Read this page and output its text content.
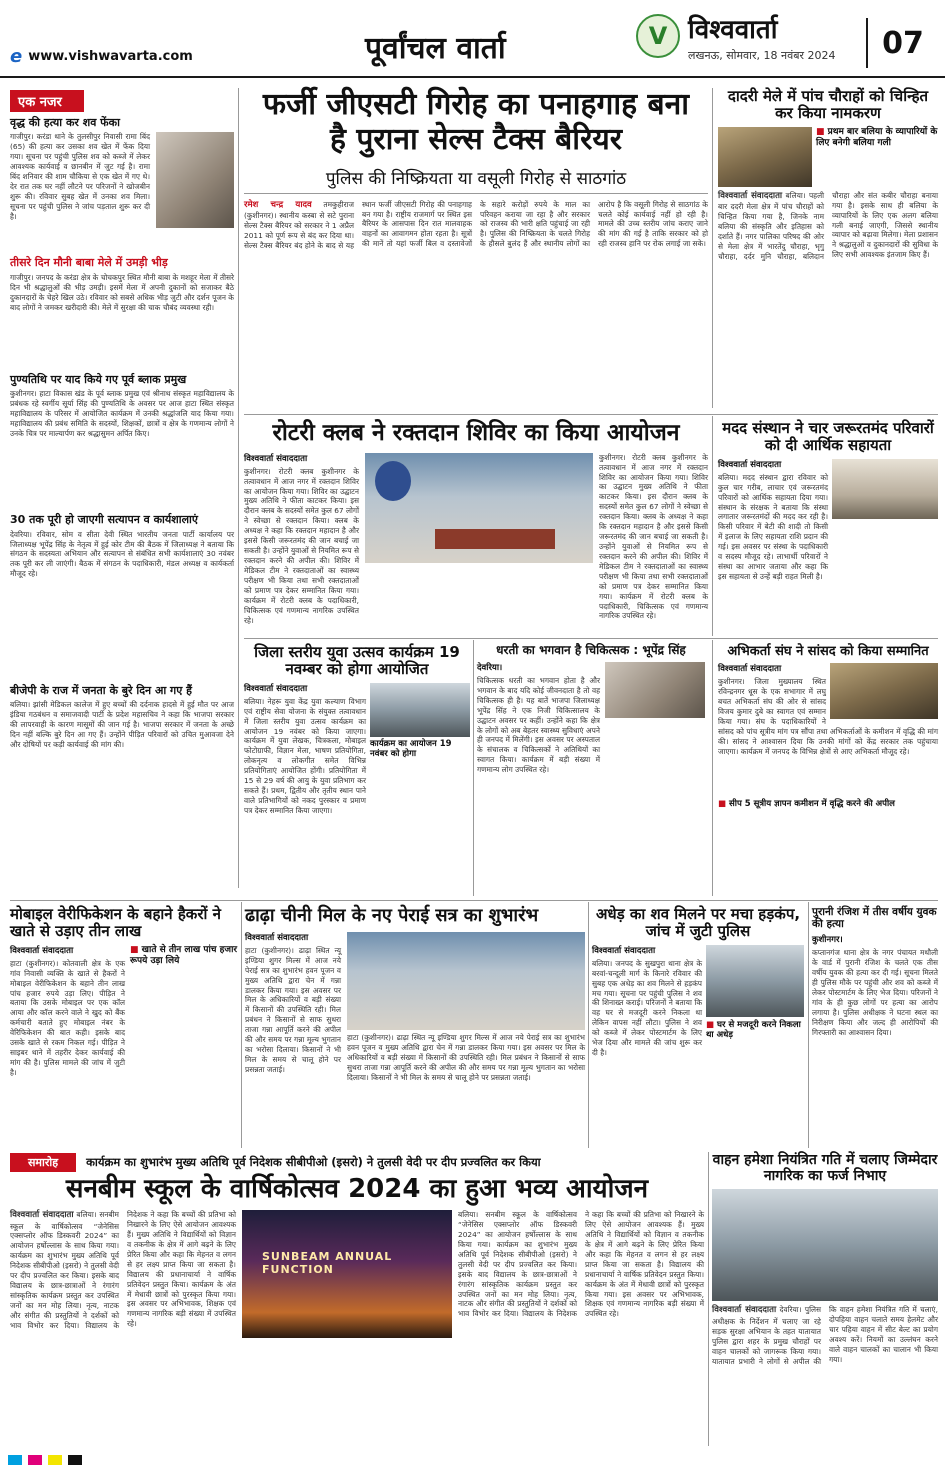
e www.vishwavarta.com	पूर्वांचल वार्ता	V विश्ववार्ता
लखनऊ, सोमवार, 18 नवंबर 2024	07
एक नजर
वृद्ध की हत्या कर शव फेंका
गाजीपुर। करंडा थाने के तुलसीपुर निवासी रामा बिंद (65) की हत्या कर उसका शव खेत में फेंक दिया गया। सूचना पर पहुंची पुलिस शव को कब्जे में लेकर आवश्यक कार्यवाई व छानबीन में जुट गई है। रामा बिंद शनिवार की शाम चौकिया से एक खेत में गए थे। देर रात तक घर नहीं लौटने पर परिजनों ने खोजबीन शुरू की। रविवार सुबह खेत में उनका शव मिला। सूचना पर पहुंची पुलिस ने जांच पड़ताल शुरू कर दी है।
तीसरे दिन मौनी बाबा मेले में उमड़ी भीड़
गाजीपुर। जनपद के करंडा क्षेत्र के चोचकपुर स्थित मौनी बाबा के मशहूर मेला में तीसरे दिन भी श्रद्धालुओं की भीड़ उमड़ी। इसमें मेला में अपनी दुकानों को सजाकर बैठे दुकानदारों के चेहरे खिल उठे। रविवार को सबसे अधिक भीड़ जुटी और दर्शन पूजन के बाद लोगों ने जमकर खरीदारी की। मेले में सुरक्षा की चाक चौबंद व्यवस्था रही।
पुण्यतिथि पर याद किये गए पूर्व ब्लाक प्रमुख
कुशीनगर। हाटा विकास खंड के पूर्व ब्लाक प्रमुख एवं श्रीनाथ संस्कृत महाविद्यालय के प्रबंधक रहे स्वर्गीय सूर्या सिंह की पुण्यतिथि के अवसर पर आज हाटा स्थित संस्कृत महाविद्यालय के परिसर में आयोजित कार्यक्रम में उनकी श्रद्धांजलि याद किया गया। महाविद्यालय की प्रबंध समिति के सदस्यों, शिक्षकों, छात्रों व क्षेत्र के गणमान्य लोगों ने उनके चित्र पर माल्यार्पण कर श्रद्धासुमन अर्पित किए।
30 तक पूरी हो जाएगी सत्यापन व कार्यशालाएं
देवरिया। रविवार, सोम व सीता देवी स्थित भारतीय जनता पार्टी कार्यालय पर जिलाध्यक्ष भूपेंद्र सिंह के नेतृत्व में हुई कोर टीम की बैठक में जिलाध्यक्ष ने बताया कि संगठन के सदस्यता अभियान और सत्यापन से संबंधित सभी कार्यशालाएं 30 नवंबर तक पूरी कर ली जाएंगी। बैठक में संगठन के पदाधिकारी, मंडल अध्यक्ष व कार्यकर्ता मौजूद रहे।
बीजेपी के राज में जनता के बुरे दिन आ गए हैं
बलिया। झांसी मेडिकल कालेज में हुए बच्चों की दर्दनाक हादसे में हुई मौत पर आज इंडिया गठबंधन व समाजवादी पार्टी के प्रदेश महासचिव ने कहा कि भाजपा सरकार की लापरवाही के कारण मासूमों की जान गई है। भाजपा सरकार में जनता के अच्छे दिन नहीं बल्कि बुरे दिन आ गए हैं। उन्होंने पीड़ित परिवारों को उचित मुआवजा देने और दोषियों पर कड़ी कार्यवाई की मांग की।
फर्जी जीएसटी गिरोह का पनाहगाह बना है पुराना सेल्स टैक्स बैरियर
पुलिस की निष्क्रियता या वसूली गिरोह से साठगांठ
रमेश चन्द्र यादव तमकुहीराज (कुशीनगर)। स्थानीय कस्बा से सटे पुराना सेल्स टैक्स बैरियर को सरकार ने 1 अप्रैल 2011 को पूर्ण रूप से बंद कर दिया था। सेल्स टैक्स बैरियर बंद होने के बाद से यह स्थान फर्जी जीएसटी गिरोह की पनाहगाह बन गया है। राष्ट्रीय राजमार्ग पर स्थित इस बैरियर के आसपास दिन रात मालवाहक वाहनों का आवागमन होता रहता है। सूत्रों की मानें तो यहां फर्जी बिल व दस्तावेजों के सहारे करोड़ों रुपये के माल का परिवहन कराया जा रहा है और सरकार को राजस्व की भारी क्षति पहुंचाई जा रही है। पुलिस की निष्क्रियता के चलते गिरोह के हौसले बुलंद हैं और स्थानीय लोगों का आरोप है कि वसूली गिरोह से साठगांठ के चलते कोई कार्यवाई नहीं हो रही है। मामले की उच्च स्तरीय जांच कराए जाने की मांग की गई है ताकि सरकार को हो रही राजस्व हानि पर रोक लगाई जा सके।
दादरी मेले में पांच चौराहों को चिन्हित कर किया नामकरण
■ प्रथम बार बलिया के व्यापारियों के लिए बनेगी बलिया गली
विश्ववार्ता संवाददाता बलिया। पहली बार ददरी मेला क्षेत्र में पांच चौराहों को चिन्हित किया गया है, जिनके नाम बलिया की संस्कृति और इतिहास को दर्शाते हैं। नगर पालिका परिषद की ओर से मेला क्षेत्र में भारतेंदु चौराहा, भृगु चौराहा, दर्दर मुनि चौराहा, बलिदान चौराहा और संत कबीर चौराहा बनाया गया है। इसके साथ ही बलिया के व्यापारियों के लिए एक अलग बलिया गली बनाई जाएगी, जिससे स्थानीय व्यापार को बढ़ावा मिलेगा। मेला प्रशासन ने श्रद्धालुओं व दुकानदारों की सुविधा के लिए सभी आवश्यक इंतजाम किए हैं।
रोटरी क्लब ने रक्तदान शिविर का किया आयोजन
विश्ववार्ता संवाददाता
कुशीनगर। रोटरी क्लब कुशीनगर के तत्वावधान में आज नगर में रक्तदान शिविर का आयोजन किया गया। शिविर का उद्घाटन मुख्य अतिथि ने फीता काटकर किया। इस दौरान क्लब के सदस्यों समेत कुल 67 लोगों ने स्वेच्छा से रक्तदान किया। क्लब के अध्यक्ष ने कहा कि रक्तदान महादान है और इससे किसी जरूरतमंद की जान बचाई जा सकती है। उन्होंने युवाओं से नियमित रूप से रक्तदान करने की अपील की। शिविर में मेडिकल टीम ने रक्तदाताओं का स्वास्थ्य परीक्षण भी किया तथा सभी रक्तदाताओं को प्रमाण पत्र देकर सम्मानित किया गया। कार्यक्रम में रोटरी क्लब के पदाधिकारी, चिकित्सक एवं गणमान्य नागरिक उपस्थित रहे।
कुशीनगर। रोटरी क्लब कुशीनगर के तत्वावधान में आज नगर में रक्तदान शिविर का आयोजन किया गया। शिविर का उद्घाटन मुख्य अतिथि ने फीता काटकर किया। इस दौरान क्लब के सदस्यों समेत कुल 67 लोगों ने स्वेच्छा से रक्तदान किया। क्लब के अध्यक्ष ने कहा कि रक्तदान महादान है और इससे किसी जरूरतमंद की जान बचाई जा सकती है। उन्होंने युवाओं से नियमित रूप से रक्तदान करने की अपील की। शिविर में मेडिकल टीम ने रक्तदाताओं का स्वास्थ्य परीक्षण भी किया तथा सभी रक्तदाताओं को प्रमाण पत्र देकर सम्मानित किया गया। कार्यक्रम में रोटरी क्लब के पदाधिकारी, चिकित्सक एवं गणमान्य नागरिक उपस्थित रहे।
मदद संस्थान ने चार जरूरतमंद परिवारों को दी आर्थिक सहायता
विश्ववार्ता संवाददाता
बलिया। मदद संस्थान द्वारा रविवार को कुल चार गरीब, लाचार एवं जरूरतमंद परिवारों को आर्थिक सहायता दिया गया। संस्थान के संरक्षक ने बताया कि संस्था लगातार जरूरतमंदों की मदद कर रही है। किसी परिवार में बेटी की शादी तो किसी में इलाज के लिए सहायता राशि प्रदान की गई। इस अवसर पर संस्था के पदाधिकारी व सदस्य मौजूद रहे। लाभार्थी परिवारों ने संस्था का आभार जताया और कहा कि इस सहायता से उन्हें बड़ी राहत मिली है।
जिला स्तरीय युवा उत्सव कार्यक्रम 19 नवम्बर को होगा आयोजित
विश्ववार्ता संवाददाता
बलिया। नेहरू युवा केंद्र युवा कल्याण विभाग एवं राष्ट्रीय सेवा योजना के संयुक्त तत्वावधान में जिला स्तरीय युवा उत्सव कार्यक्रम का आयोजन 19 नवंबर को किया जाएगा। कार्यक्रम में युवा लेखक, चित्रकला, मोबाइल फोटोग्राफी, विज्ञान मेला, भाषण प्रतियोगिता, लोकनृत्य व लोकगीत समेत विभिन्न प्रतियोगिताएं आयोजित होंगी। प्रतियोगिता में 15 से 29 वर्ष की आयु के युवा प्रतिभाग कर सकते हैं। प्रथम, द्वितीय और तृतीय स्थान पाने वाले प्रतिभागियों को नकद पुरस्कार व प्रमाण पत्र देकर सम्मानित किया जाएगा।
कार्यक्रम का आयोजन 19 नवंबर को होगा
धरती का भगवान है चिकित्सक : भूपेंद्र सिंह
देवरिया।
चिकित्सक धरती का भगवान होता है और भगवान के बाद यदि कोई जीवनदाता है तो वह चिकित्सक ही है। यह बातें भाजपा जिलाध्यक्ष भूपेंद्र सिंह ने एक निजी चिकित्सालय के उद्घाटन अवसर पर कहीं। उन्होंने कहा कि क्षेत्र के लोगों को अब बेहतर स्वास्थ्य सुविधाएं अपने ही जनपद में मिलेंगी। इस अवसर पर अस्पताल के संचालक व चिकित्सकों ने अतिथियों का स्वागत किया। कार्यक्रम में बड़ी संख्या में गणमान्य लोग उपस्थित रहे।
अभिकर्ता संघ ने सांसद को किया सम्मानित
विश्ववार्ता संवाददाता
कुशीनगर। जिला मुख्यालय स्थित रविन्द्रनगर धूस के एक सभागार में लघु बचत अभिकर्ता संघ की ओर से सांसद विजय कुमार दुबे का स्वागत एवं सम्मान किया गया। संघ के पदाधिकारियों ने सांसद को पांच सूत्रीय मांग पत्र सौंपा तथा अभिकर्ताओं के कमीशन में वृद्धि की मांग की। सांसद ने आश्वासन दिया कि उनकी मांगों को केंद्र सरकार तक पहुंचाया जाएगा। कार्यक्रम में जनपद के विभिन्न क्षेत्रों से आए अभिकर्ता मौजूद रहे।
■ सीप 5 सूत्रीय ज्ञापन कमीशन में वृद्धि करने की अपील
मोबाइल वेरीफिकेशन के बहाने हैकरों ने खाते से उड़ाए तीन लाख
विश्ववार्ता संवाददाता
हाटा (कुशीनगर)। कोतवाली क्षेत्र के एक गांव निवासी व्यक्ति के खाते से हैकरों ने मोबाइल वेरीफिकेशन के बहाने तीन लाख पांच हजार रुपये उड़ा लिए। पीड़ित ने बताया कि उसके मोबाइल पर एक कॉल आया और कॉल करने वाले ने खुद को बैंक कर्मचारी बताते हुए मोबाइल नंबर के वेरिफिकेशन की बात कही। इसके बाद उसके खाते से रकम निकल गई। पीड़ित ने साइबर थाने में तहरीर देकर कार्यवाई की मांग की है। पुलिस मामले की जांच में जुटी है।
■ खाते से तीन लाख पांच हजार रूपये उड़ा लिये
ढाढ़ा चीनी मिल के नए पेराई सत्र का शुभारंभ
विश्ववार्ता संवाददाता
हाटा (कुशीनगर)। ढाढ़ा स्थित न्यू इण्डिया शुगर मिल्स में आज नये पेराई सत्र का शुभारंभ हवन पूजन व मुख्य अतिथि द्वारा चेन में गन्ना डालकर किया गया। इस अवसर पर मिल के अधिकारियों व बड़ी संख्या में किसानों की उपस्थिति रही। मिल प्रबंधन ने किसानों से साफ सुथरा ताजा गन्ना आपूर्ति करने की अपील की और समय पर गन्ना मूल्य भुगतान का भरोसा दिलाया। किसानों ने भी मिल के समय से चालू होने पर प्रसन्नता जताई।
हाटा (कुशीनगर)। ढाढ़ा स्थित न्यू इण्डिया शुगर मिल्स में आज नये पेराई सत्र का शुभारंभ हवन पूजन व मुख्य अतिथि द्वारा चेन में गन्ना डालकर किया गया। इस अवसर पर मिल के अधिकारियों व बड़ी संख्या में किसानों की उपस्थिति रही। मिल प्रबंधन ने किसानों से साफ सुथरा ताजा गन्ना आपूर्ति करने की अपील की और समय पर गन्ना मूल्य भुगतान का भरोसा दिलाया। किसानों ने भी मिल के समय से चालू होने पर प्रसन्नता जताई।
अधेड़ का शव मिलने पर मचा हड़कंप, जांच में जुटी पुलिस
विश्ववार्ता संवाददाता
बलिया। जनपद के सुखपुरा थाना क्षेत्र के बरवां-चन्दूली मार्ग के किनारे रविवार की सुबह एक अधेड़ का शव मिलने से हड़कंप मच गया। सूचना पर पहुंची पुलिस ने शव की शिनाख्त कराई। परिजनों ने बताया कि वह घर से मजदूरी करने निकला था लेकिन वापस नहीं लौटा। पुलिस ने शव को कब्जे में लेकर पोस्टमार्टम के लिए भेज दिया और मामले की जांच शुरू कर दी है।
■ घर से मजदूरी करने निकला था अधेड़
पुरानी रंजिश में तीस वर्षीय युवक की हत्या
कुशीनगर।
कप्तानगंज थाना क्षेत्र के नगर पंचायत मथौली के वार्ड में पुरानी रंजिश के चलते एक तीस वर्षीय युवक की हत्या कर दी गई। सूचना मिलते ही पुलिस मौके पर पहुंची और शव को कब्जे में लेकर पोस्टमार्टम के लिए भेज दिया। परिजनों ने गांव के ही कुछ लोगों पर हत्या का आरोप लगाया है। पुलिस अधीक्षक ने घटना स्थल का निरीक्षण किया और जल्द ही आरोपियों की गिरफ्तारी का आश्वासन दिया।
समारोह	कार्यक्रम का शुभारंभ मुख्य अतिथि पूर्व निदेशक सीबीपीओ (इसरो) ने तुलसी वेदी पर दीप प्रज्वलित कर किया
सनबीम स्कूल के वार्षिकोत्सव 2024 का हुआ भव्य आयोजन
विश्ववार्ता संवाददाता बलिया। सनबीम स्कूल के वार्षिकोत्सव “जेनेसिस एक्सप्लोर ऑफ डिस्कवरी 2024” का आयोजन हर्षोल्लास के साथ किया गया। कार्यक्रम का शुभारंभ मुख्य अतिथि पूर्व निदेशक सीबीपीओ (इसरो) ने तुलसी वेदी पर दीप प्रज्वलित कर किया। इसके बाद विद्यालय के छात्र-छात्राओं ने रंगारंग सांस्कृतिक कार्यक्रम प्रस्तुत कर उपस्थित जनों का मन मोह लिया। नृत्य, नाटक और संगीत की प्रस्तुतियों ने दर्शकों को भाव विभोर कर दिया। विद्यालय के निदेशक ने कहा कि बच्चों की प्रतिभा को निखारने के लिए ऐसे आयोजन आवश्यक हैं। मुख्य अतिथि ने विद्यार्थियों को विज्ञान व तकनीक के क्षेत्र में आगे बढ़ने के लिए प्रेरित किया और कहा कि मेहनत व लगन से हर लक्ष्य प्राप्त किया जा सकता है। विद्यालय की प्रधानाचार्या ने वार्षिक प्रतिवेदन प्रस्तुत किया। कार्यक्रम के अंत में मेधावी छात्रों को पुरस्कृत किया गया। इस अवसर पर अभिभावक, शिक्षक एवं गणमान्य नागरिक बड़ी संख्या में उपस्थित रहे।
SUNBEAM ANNUAL FUNCTION
बलिया। सनबीम स्कूल के वार्षिकोत्सव “जेनेसिस एक्सप्लोर ऑफ डिस्कवरी 2024” का आयोजन हर्षोल्लास के साथ किया गया। कार्यक्रम का शुभारंभ मुख्य अतिथि पूर्व निदेशक सीबीपीओ (इसरो) ने तुलसी वेदी पर दीप प्रज्वलित कर किया। इसके बाद विद्यालय के छात्र-छात्राओं ने रंगारंग सांस्कृतिक कार्यक्रम प्रस्तुत कर उपस्थित जनों का मन मोह लिया। नृत्य, नाटक और संगीत की प्रस्तुतियों ने दर्शकों को भाव विभोर कर दिया। विद्यालय के निदेशक ने कहा कि बच्चों की प्रतिभा को निखारने के लिए ऐसे आयोजन आवश्यक हैं। मुख्य अतिथि ने विद्यार्थियों को विज्ञान व तकनीक के क्षेत्र में आगे बढ़ने के लिए प्रेरित किया और कहा कि मेहनत व लगन से हर लक्ष्य प्राप्त किया जा सकता है। विद्यालय की प्रधानाचार्या ने वार्षिक प्रतिवेदन प्रस्तुत किया। कार्यक्रम के अंत में मेधावी छात्रों को पुरस्कृत किया गया। इस अवसर पर अभिभावक, शिक्षक एवं गणमान्य नागरिक बड़ी संख्या में उपस्थित रहे।
वाहन हमेशा नियंत्रित गति में चलाए जिम्मेदार नागरिक का फर्ज निभाए
विश्ववार्ता संवाददाता देवरिया। पुलिस अधीक्षक के निर्देशन में चलाए जा रहे सड़क सुरक्षा अभियान के तहत यातायात पुलिस द्वारा शहर के प्रमुख चौराहों पर वाहन चालकों को जागरूक किया गया। यातायात प्रभारी ने लोगों से अपील की कि वाहन हमेशा नियंत्रित गति में चलाएं, दोपहिया वाहन चलाते समय हेलमेट और चार पहिया वाहन में सीट बेल्ट का प्रयोग अवश्य करें। नियमों का उल्लंघन करने वाले वाहन चालकों का चालान भी किया गया।
